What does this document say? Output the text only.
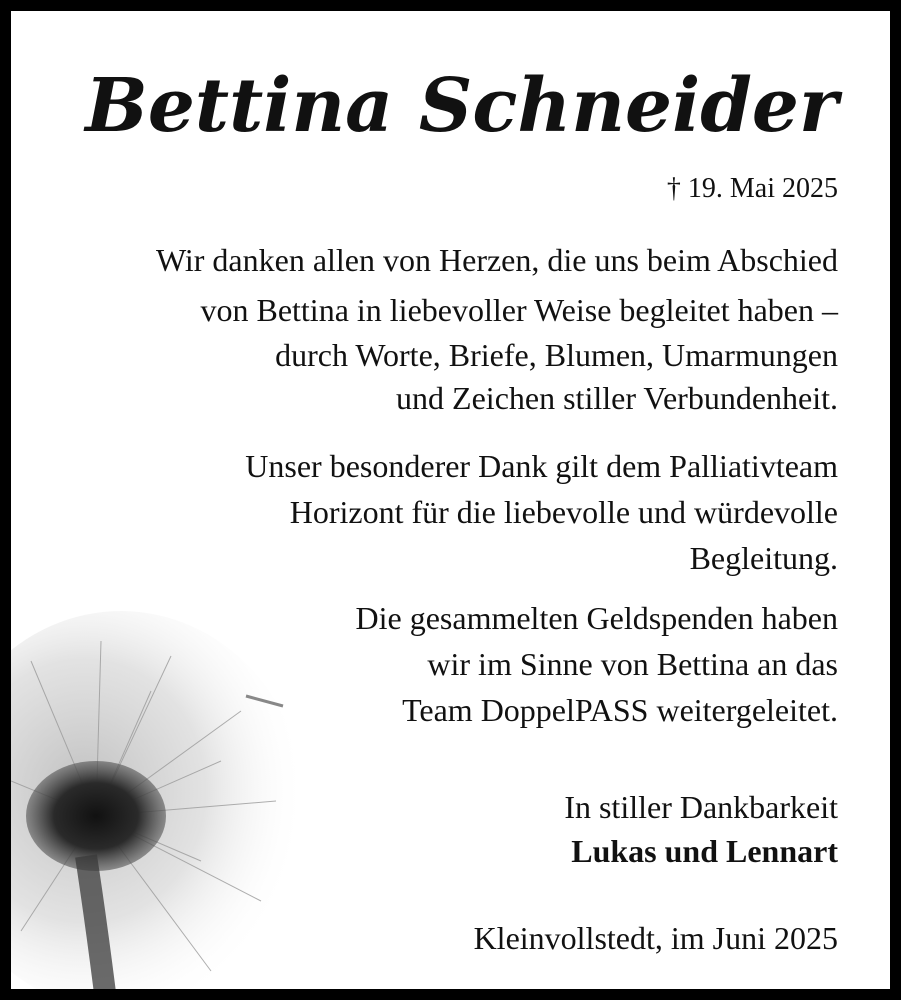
Bettina Schneider
† 19. Mai 2025

Wir danken allen von Herzen, die uns beim Abschied
von Bettina in liebevoller Weise begleitet haben –
durch Worte, Briefe, Blumen, Umarmungen
und Zeichen stiller Verbundenheit.

Unser besonderer Dank gilt dem Palliativteam
Horizont für die liebevolle und würdevolle
Begleitung.

Die gesammelten Geldspenden haben
wir im Sinne von Bettina an das
Team DoppelPASS weitergeleitet.

In stiller Dankbarkeit
Lukas und Lennart
Kleinvollstedt, im Juni 2025
